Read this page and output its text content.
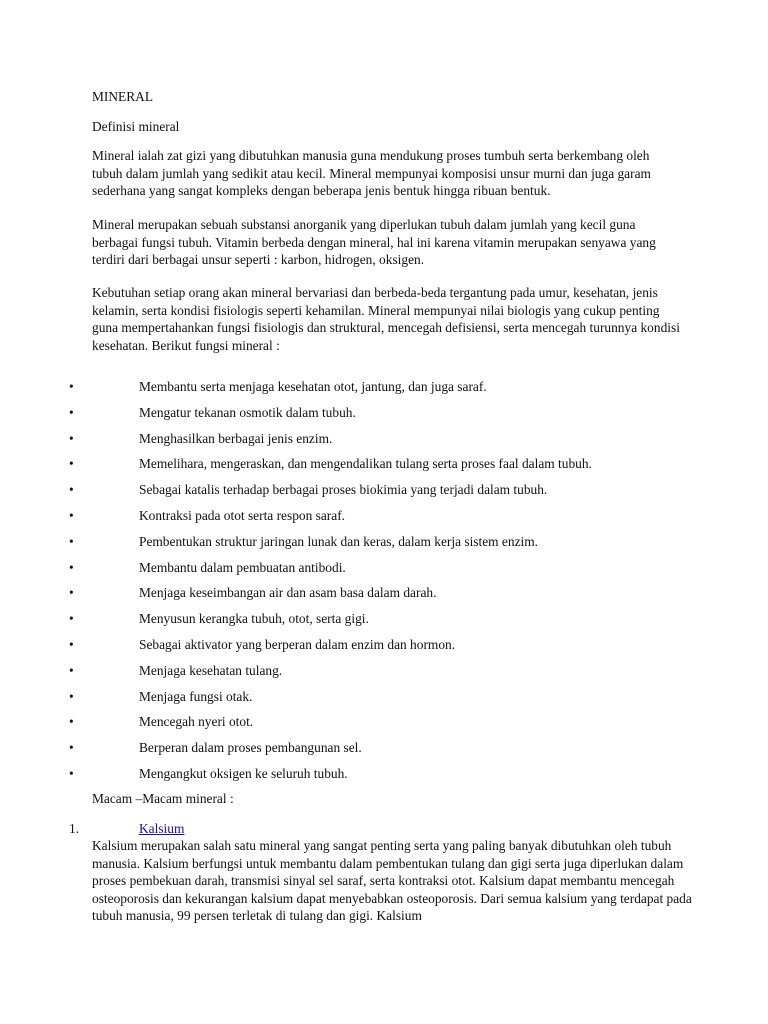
MINERAL

Definisi mineral

Mineral ialah zat gizi yang dibutuhkan manusia guna mendukung proses tumbuh serta berkembang oleh tubuh dalam jumlah yang sedikit atau kecil. Mineral mempunyai komposisi unsur murni dan juga garam sederhana yang sangat kompleks dengan beberapa jenis bentuk hingga ribuan bentuk.

Mineral merupakan sebuah substansi anorganik yang diperlukan tubuh dalam jumlah yang kecil guna berbagai fungsi tubuh. Vitamin berbeda dengan mineral, hal ini karena vitamin merupakan senyawa yang terdiri dari berbagai unsur seperti : karbon, hidrogen, oksigen.

Kebutuhan setiap orang akan mineral bervariasi dan berbeda-beda tergantung pada umur, kesehatan, jenis kelamin, serta kondisi fisiologis seperti kehamilan. Mineral mempunyai nilai biologis yang cukup penting guna mempertahankan fungsi fisiologis dan struktural, mencegah defisiensi, serta mencegah turunnya kondisi kesehatan. Berikut fungsi mineral :

•	Membantu serta menjaga kesehatan otot, jantung, dan juga saraf.
•	Mengatur tekanan osmotik dalam tubuh.
•	Menghasilkan berbagai jenis enzim.
•	Memelihara, mengeraskan, dan mengendalikan tulang serta proses faal dalam tubuh.
•	Sebagai katalis terhadap berbagai proses biokimia yang terjadi dalam tubuh.
•	Kontraksi pada otot serta respon saraf.
•	Pembentukan struktur jaringan lunak dan keras, dalam kerja sistem enzim.
•	Membantu dalam pembuatan antibodi.
•	Menjaga keseimbangan air dan asam basa dalam darah.
•	Menyusun kerangka tubuh, otot, serta gigi.
•	Sebagai aktivator yang berperan dalam enzim dan hormon.
•	Menjaga kesehatan tulang.
•	Menjaga fungsi otak.
•	Mencegah nyeri otot.
•	Berperan dalam proses pembangunan sel.
•	Mengangkut oksigen ke seluruh tubuh.

Macam –Macam mineral :

1.	Kalsium

Kalsium merupakan salah satu mineral yang sangat penting serta yang paling banyak dibutuhkan oleh tubuh manusia. Kalsium berfungsi untuk membantu dalam pembentukan tulang dan gigi serta juga diperlukan dalam proses pembekuan darah, transmisi sinyal sel saraf, serta kontraksi otot. Kalsium dapat membantu mencegah osteoporosis dan kekurangan kalsium dapat menyebabkan osteoporosis. Dari semua kalsium yang terdapat pada tubuh manusia, 99 persen terletak di tulang dan gigi. Kalsium
